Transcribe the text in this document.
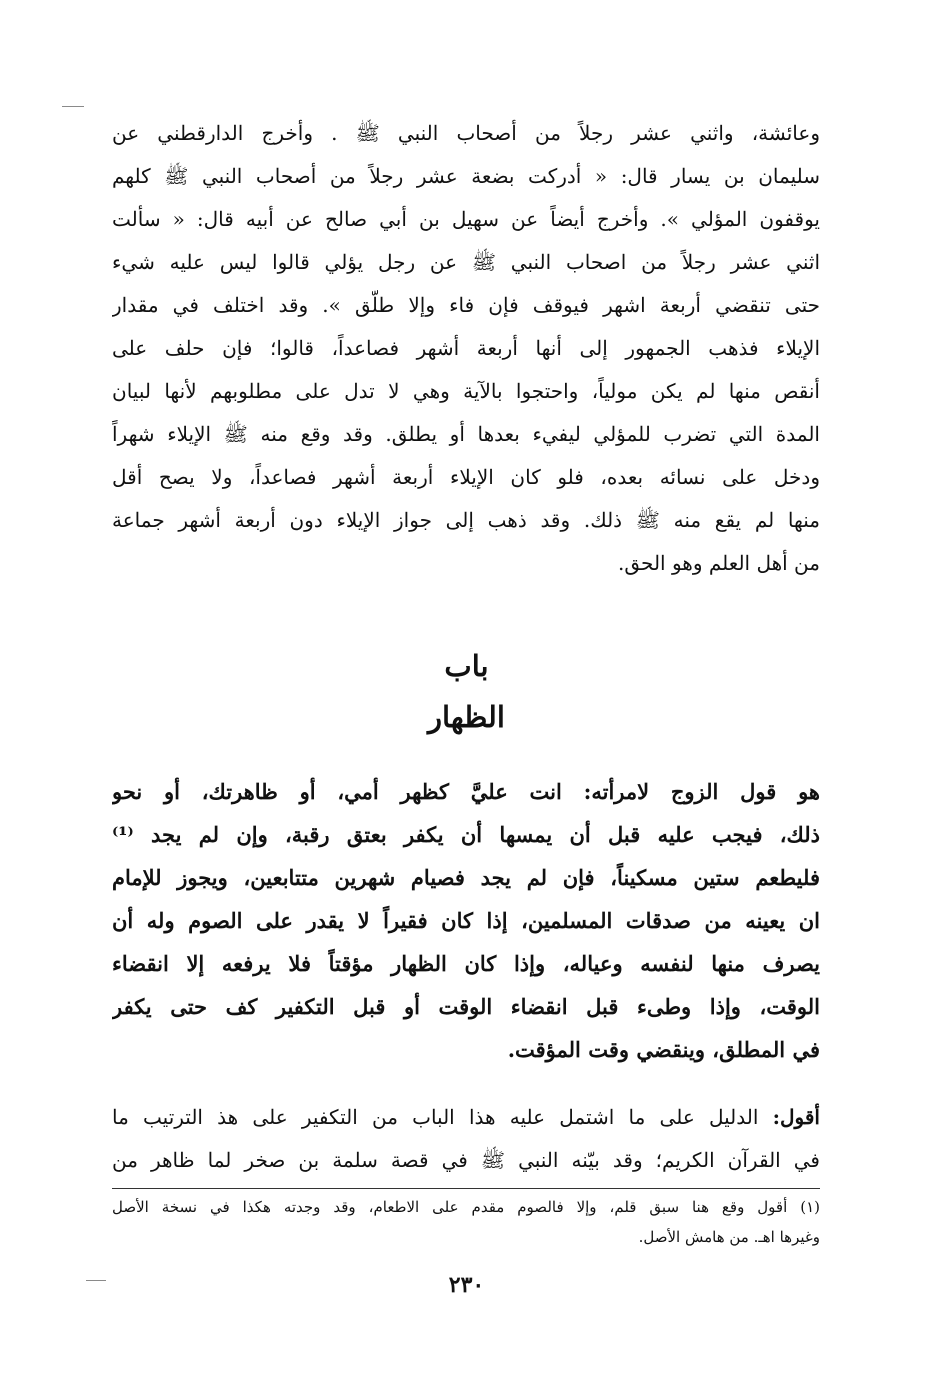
وعائشة، واثني عشر رجلاً من أصحاب النبي ﷺ . وأخرج الدارقطني عن
سليمان بن يسار قال: « أدركت بضعة عشر رجلاً من أصحاب النبي ﷺ كلهم
يوقفون المؤلي ». وأخرج أيضاً عن سهيل بن أبي صالح عن أبيه قال: « سألت
اثني عشر رجلاً من اصحاب النبي ﷺ عن رجل يؤلي قالوا ليس عليه شيء
حتى تنقضي أربعة اشهر فيوقف فإن فاء وإلا طلّق ». وقد اختلف في مقدار
الإيلاء فذهب الجمهور إلى أنها أربعة أشهر فصاعداً، قالوا؛ فإن حلف على
أنقص منها لم يكن مولياً، واحتجوا بالآية وهي لا تدل على مطلوبهم لأنها لبيان
المدة التي تضرب للمؤلي ليفيء بعدها أو يطلق. وقد وقع منه ﷺ الإيلاء شهراً
ودخل على نسائه بعده، فلو كان الإيلاء أربعة أشهر فصاعداً، ولا يصح أقل
منها لم يقع منه ﷺ ذلك. وقد ذهب إلى جواز الإيلاء دون أربعة أشهر جماعة
من أهل العلم وهو الحق.
باب
الظهار
هو قول الزوج لامرأته: انت عليَّ كظهر أمي، أو ظاهرتك، أو نحو
ذلك، فيجب عليه قبل أن يمسها أن يكفر بعتق رقبة، وإن لم يجد ⁽¹⁾
فليطعم ستين مسكيناً، فإن لم يجد فصيام شهرين متتابعين، ويجوز للإمام
ان يعينه من صدقات المسلمين، إذا كان فقيراً لا يقدر على الصوم وله أن
يصرف منها لنفسه وعياله، وإذا كان الظهار مؤقتاً فلا يرفعه إلا انقضاء
الوقت، وإذا وطىء قبل انقضاء الوقت أو قبل التكفير كف حتى يكفر
في المطلق، وينقضي وقت المؤقت.
أقول: الدليل على ما اشتمل عليه هذا الباب من التكفير على هذ الترتيب ما
في القرآن الكريم؛ وقد بيّنه النبي ﷺ في قصة سلمة بن صخر لما ظاهر من
(١) أقول وقع هنا سبق قلم، وإلا فالصوم مقدم على الاطعام، وقد وجدته هكذا في نسخة الأصل
وغيرها اهـ. من هامش الأصل.
٢٣٠
